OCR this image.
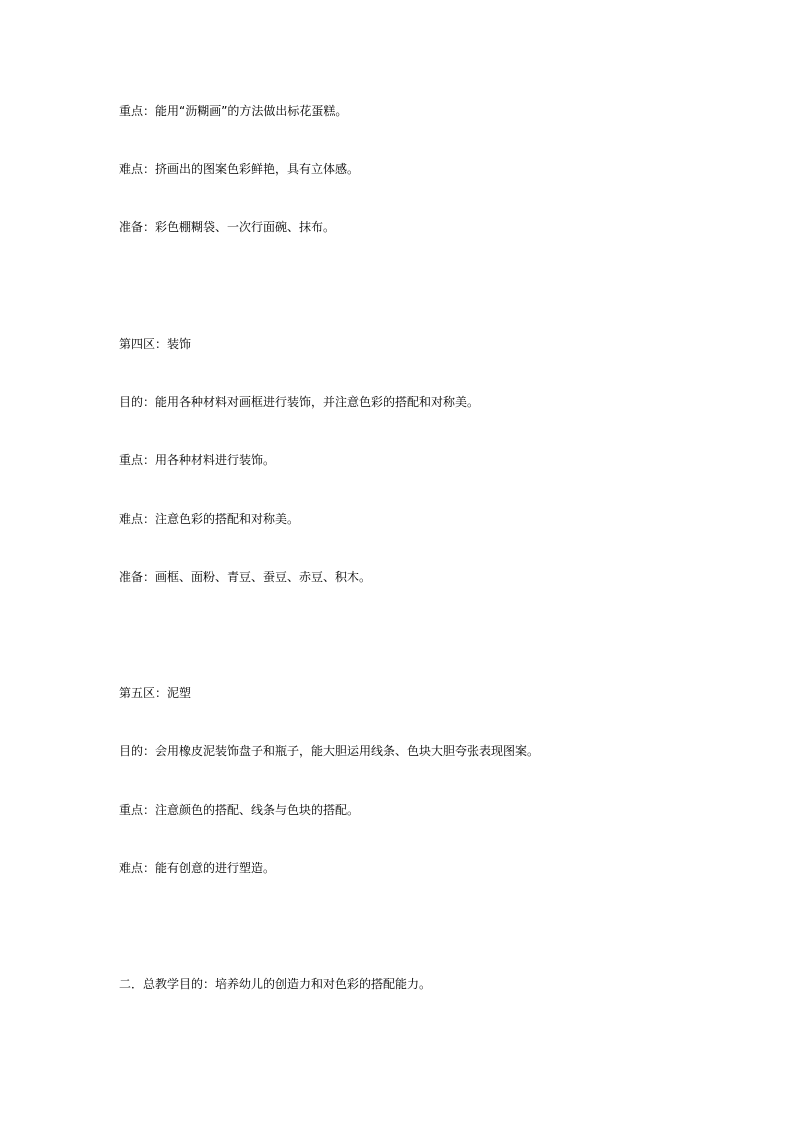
重点：能用“沥糊画”的方法做出标花蛋糕。

难点：挤画出的图案色彩鲜艳，具有立体感。

准备：彩色棚糊袋、一次行面碗、抹布。

第四区：装饰

目的：能用各种材料对画框进行装饰，并注意色彩的搭配和对称美。

重点：用各种材料进行装饰。

难点：注意色彩的搭配和对称美。

准备：画框、面粉、青豆、蚕豆、赤豆、积木。

第五区：泥塑

目的：会用橡皮泥装饰盘子和瓶子，能大胆运用线条、色块大胆夸张表现图案。

重点：注意颜色的搭配、线条与色块的搭配。

难点：能有创意的进行塑造。

二．总教学目的：培养幼儿的创造力和对色彩的搭配能力。
